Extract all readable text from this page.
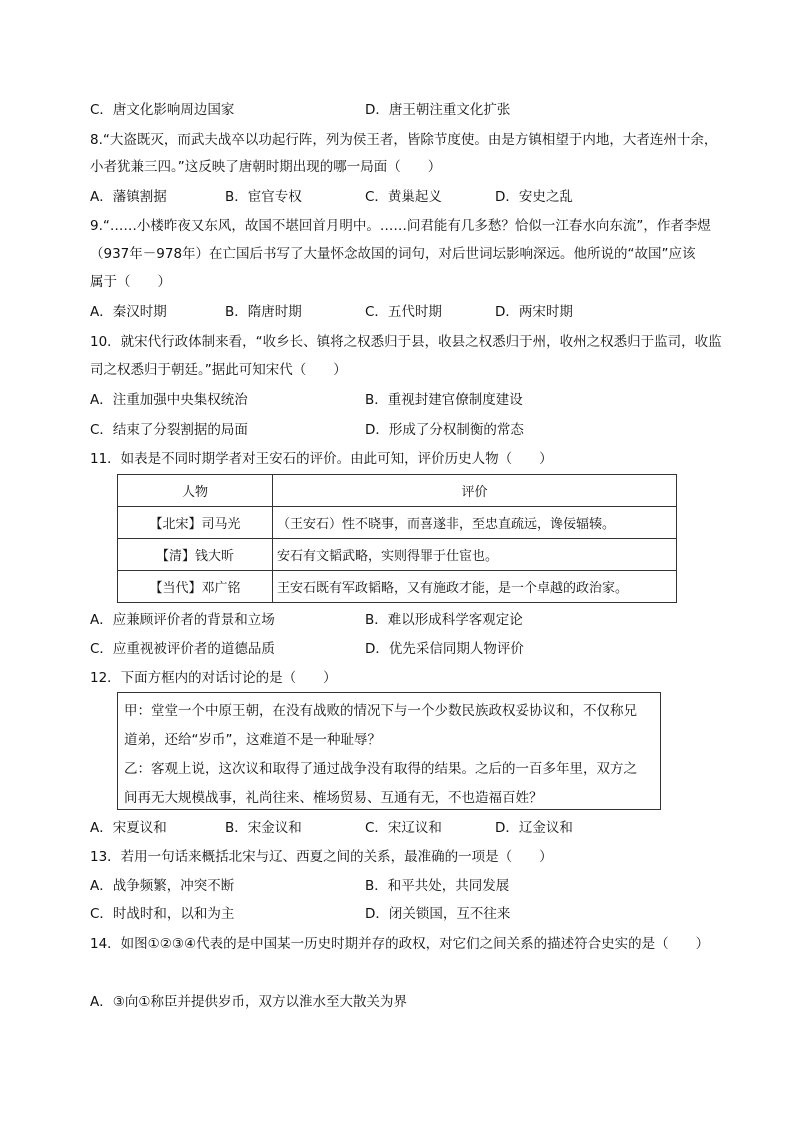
C．唐文化影响周边国家	D．唐王朝注重文化扩张
8.“大盗既灭，而武夫战卒以功起行阵，列为侯王者，皆除节度使。由是方镇相望于内地，大者连州十余，
小者犹兼三四。”这反映了唐朝时期出现的哪一局面（　　）
A．藩镇割据	B．宦官专权	C．黄巢起义	D．安史之乱
9.“……小楼昨夜又东风，故国不堪回首月明中。……问君能有几多愁？恰似一江春水向东流”，作者李煜
（937年－978年）在亡国后书写了大量怀念故国的词句，对后世词坛影响深远。他所说的“故国”应该
属于（　　）
A．秦汉时期	B．隋唐时期	C．五代时期	D．两宋时期
10．就宋代行政体制来看，“收乡长、镇将之权悉归于县，收县之权悉归于州，收州之权悉归于监司，收监
司之权悉归于朝廷。”据此可知宋代（　　）
A．注重加强中央集权统治	B．重视封建官僚制度建设
C．结束了分裂割据的局面	D．形成了分权制衡的常态
11．如表是不同时期学者对王安石的评价。由此可知，评价历史人物（　　）
人物	评价
【北宋】司马光	（王安石）性不晓事，而喜遂非，至忠直疏远，谗佞辐辏。
【清】钱大昕	安石有文韬武略，实则得罪于仕宦也。
【当代】邓广铭	王安石既有军政韬略，又有施政才能，是一个卓越的政治家。
A．应兼顾评价者的背景和立场	B．难以形成科学客观定论
C．应重视被评价者的道德品质	D．优先采信同期人物评价
12．下面方框内的对话讨论的是（　　）
甲：堂堂一个中原王朝，在没有战败的情况下与一个少数民族政权妥协议和，不仅称兄
道弟，还给“岁币”，这难道不是一种耻辱？
乙：客观上说，这次议和取得了通过战争没有取得的结果。之后的一百多年里，双方之
间再无大规模战事，礼尚往来、榷场贸易、互通有无，不也造福百姓？
A．宋夏议和	B．宋金议和	C．宋辽议和	D．辽金议和
13．若用一句话来概括北宋与辽、西夏之间的关系，最准确的一项是（　　）
A．战争频繁，冲突不断	B．和平共处，共同发展
C．时战时和，以和为主	D．闭关锁国，互不往来
14．如图①②③④代表的是中国某一历史时期并存的政权，对它们之间关系的描述符合史实的是（　　）
A．③向①称臣并提供岁币，双方以淮水至大散关为界
